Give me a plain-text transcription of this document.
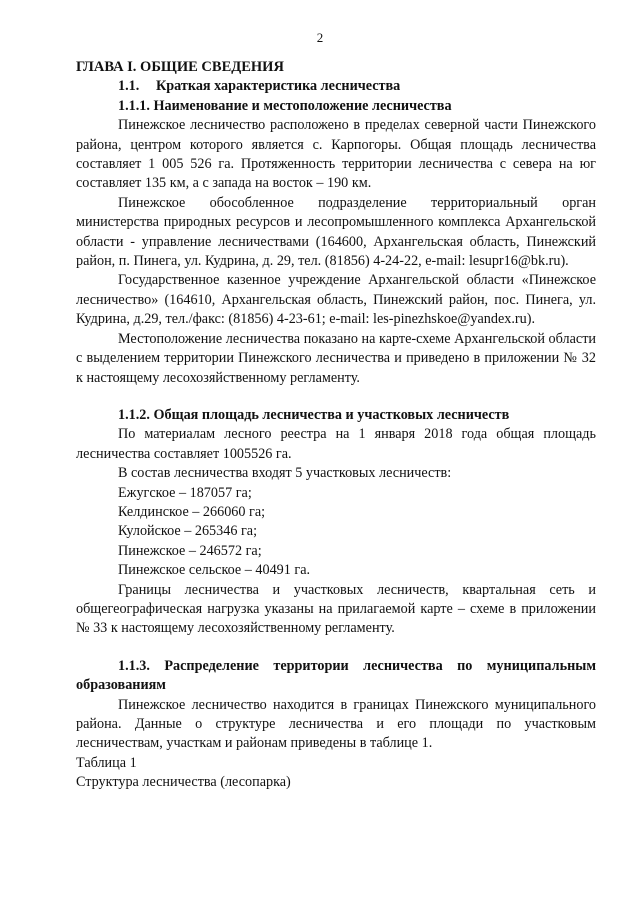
2

ГЛАВА I. ОБЩИЕ СВЕДЕНИЯ

1.1. Краткая характеристика лесничества

1.1.1. Наименование и местоположение лесничества

Пинежское лесничество расположено в пределах северной части Пинежского района, центром которого является с. Карпогоры. Общая площадь лесничества составляет 1 005 526 га. Протяженность территории лесничества с севера на юг составляет 135 км, а с запада на восток – 190 км.

Пинежское обособленное подразделение территориальный орган министерства природных ресурсов и лесопромышленного комплекса Архангельской области - управление лесничествами (164600, Архангельская область, Пинежский район, п. Пинега, ул. Кудрина, д. 29, тел. (81856) 4-24-22, e-mail: lesupr16@bk.ru).

Государственное казенное учреждение Архангельской области «Пинежское лесничество» (164610, Архангельская область, Пинежский район, пос. Пинега, ул. Кудрина, д.29, тел./факс: (81856) 4-23-61; e-mail: les-pinezhskoe@yandex.ru).

Местоположение лесничества показано на карте-схеме Архангельской области с выделением территории Пинежского лесничества и приведено в приложении № 32 к настоящему лесохозяйственному регламенту.

1.1.2. Общая площадь лесничества и участковых лесничеств

По материалам лесного реестра на 1 января 2018 года общая площадь лесничества составляет 1005526 га.

В состав лесничества входят 5 участковых лесничеств:

Ежугское – 187057 га;

Келдинское – 266060 га;

Кулойское – 265346 га;

Пинежское – 246572 га;

Пинежское сельское – 40491 га.

Границы лесничества и участковых лесничеств, квартальная сеть и общегеографическая нагрузка указаны на прилагаемой карте – схеме в приложении № 33 к настоящему лесохозяйственному регламенту.

1.1.3. Распределение территории лесничества по муниципальным образованиям

Пинежское лесничество находится в границах Пинежского муниципального района. Данные о структуре лесничества и его площади по участковым лесничествам, участкам и районам приведены в таблице 1.

Таблица 1

Структура лесничества (лесопарка)
